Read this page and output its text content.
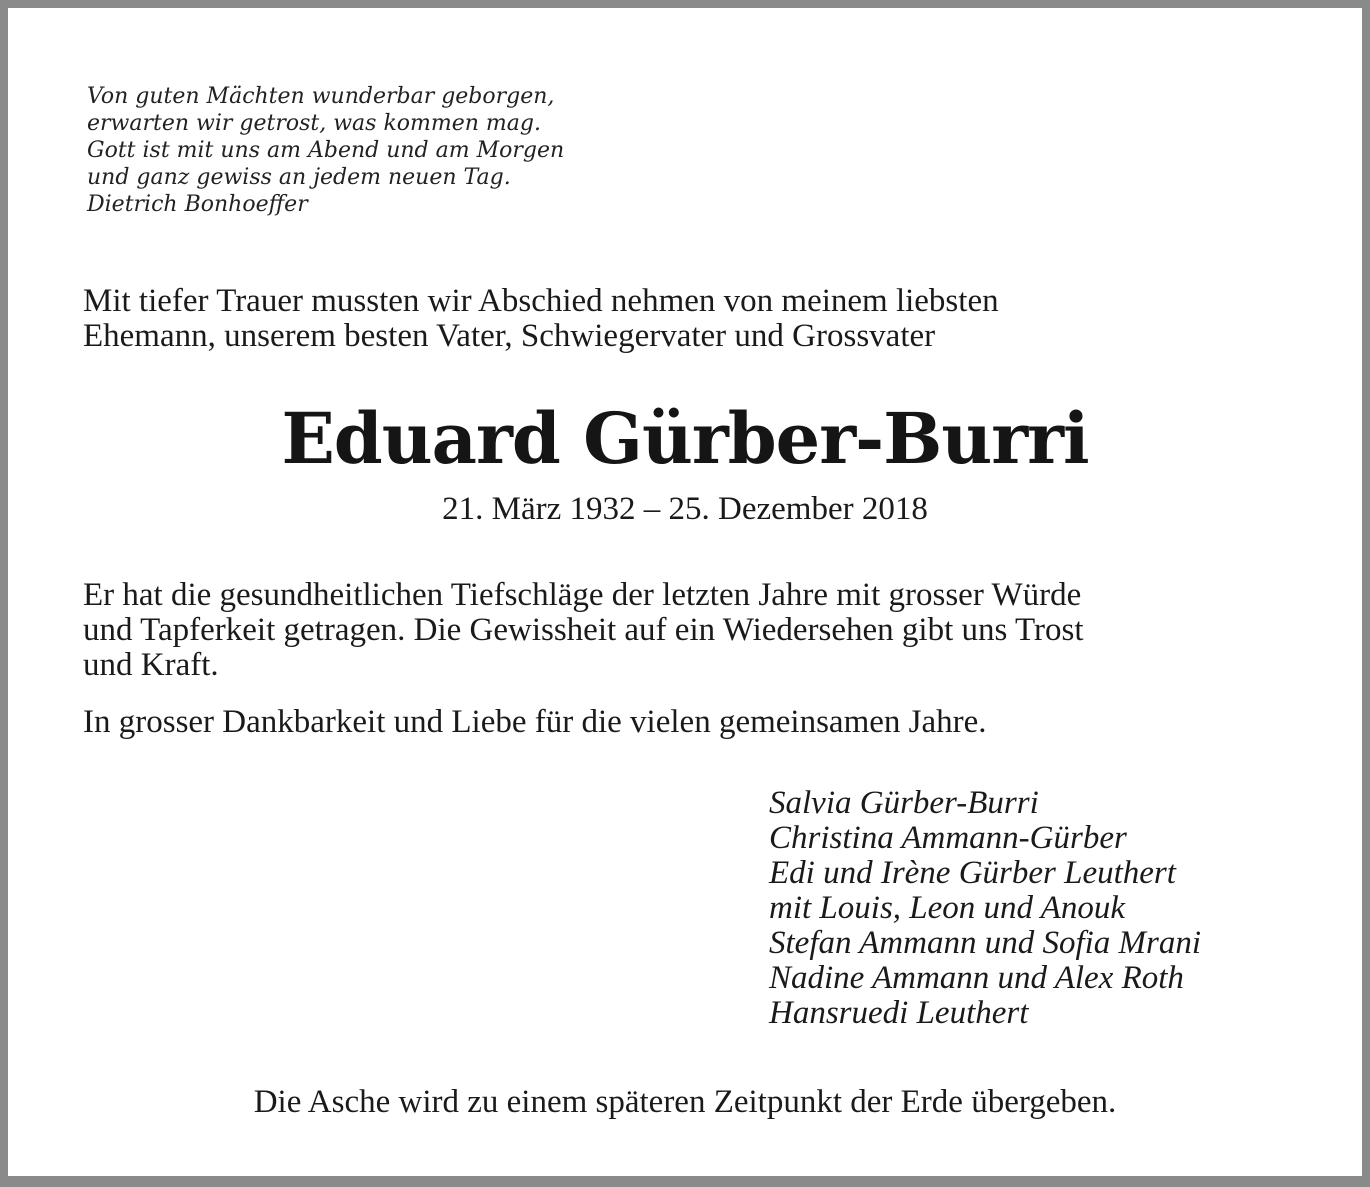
Von guten Mächten wunderbar geborgen,
erwarten wir getrost, was kommen mag.
Gott ist mit uns am Abend und am Morgen
und ganz gewiss an jedem neuen Tag.
Dietrich Bonhoeffer
Mit tiefer Trauer mussten wir Abschied nehmen von meinem liebsten
Ehemann, unserem besten Vater, Schwiegervater und Grossvater
Eduard Gürber-Burri
21. März 1932 – 25. Dezember 2018

Er hat die gesundheitlichen Tiefschläge der letzten Jahre mit grosser Würde

und Tapferkeit getragen. Die Gewissheit auf ein Wiedersehen gibt uns Trost

und Kraft.

In grosser Dankbarkeit und Liebe für die vielen gemeinsamen Jahre.
Salvia Gürber-Burri
Christina Ammann-Gürber
Edi und Irène Gürber Leuthert
mit Louis, Leon und Anouk
Stefan Ammann und Sofia Mrani
Nadine Ammann und Alex Roth
Hansruedi Leuthert
Die Asche wird zu einem späteren Zeitpunkt der Erde übergeben.
